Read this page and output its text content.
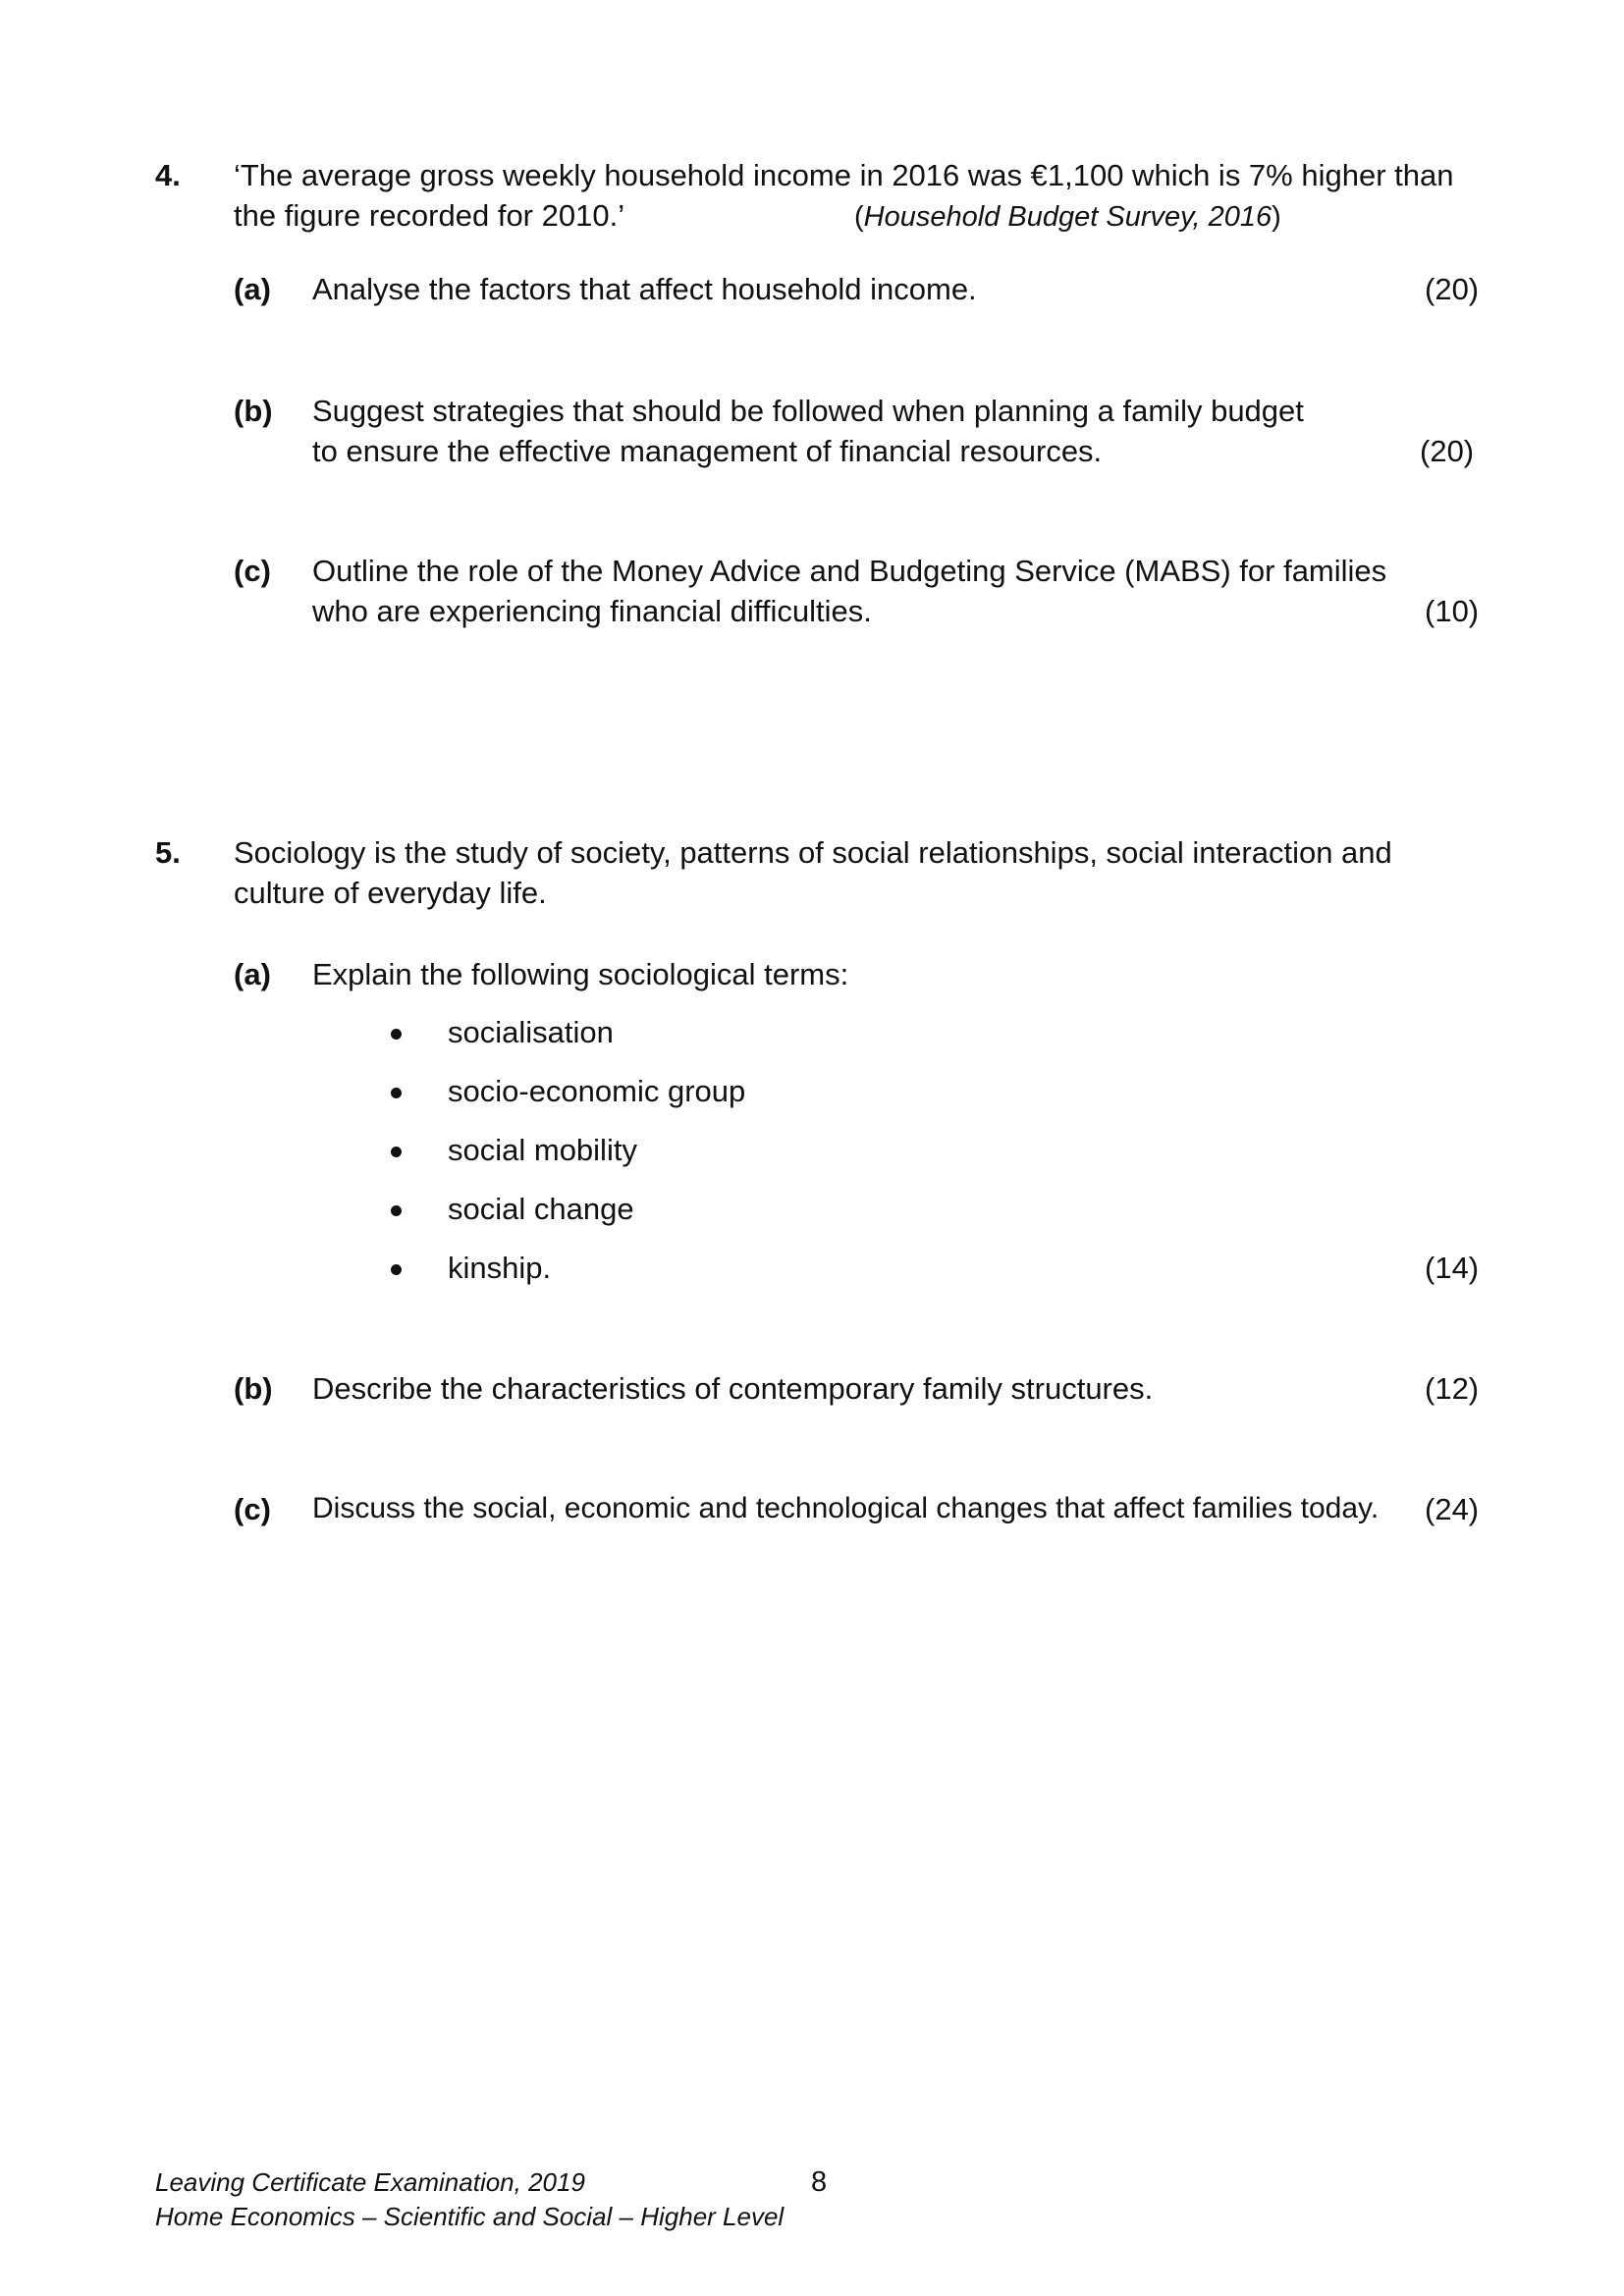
4. ‘The average gross weekly household income in 2016 was €1,100 which is 7% higher than
the figure recorded for 2010.’	(Household Budget Survey, 2016)
(a) Analyse the factors that affect household income.	(20)
(b) Suggest strategies that should be followed when planning a family budget
to ensure the effective management of financial resources.	(20)
(c) Outline the role of the Money Advice and Budgeting Service (MABS) for families
who are experiencing financial difficulties.	(10)
5. Sociology is the study of society, patterns of social relationships, social interaction and
culture of everyday life.
(a) Explain the following sociological terms:
socialisation
socio-economic group
social mobility
social change
kinship.	(14)
(b) Describe the characteristics of contemporary family structures.	(12)
(c) Discuss the social, economic and technological changes that affect families today. (24)
Leaving Certificate Examination, 2019
Home Economics – Scientific and Social – Higher Level
8
